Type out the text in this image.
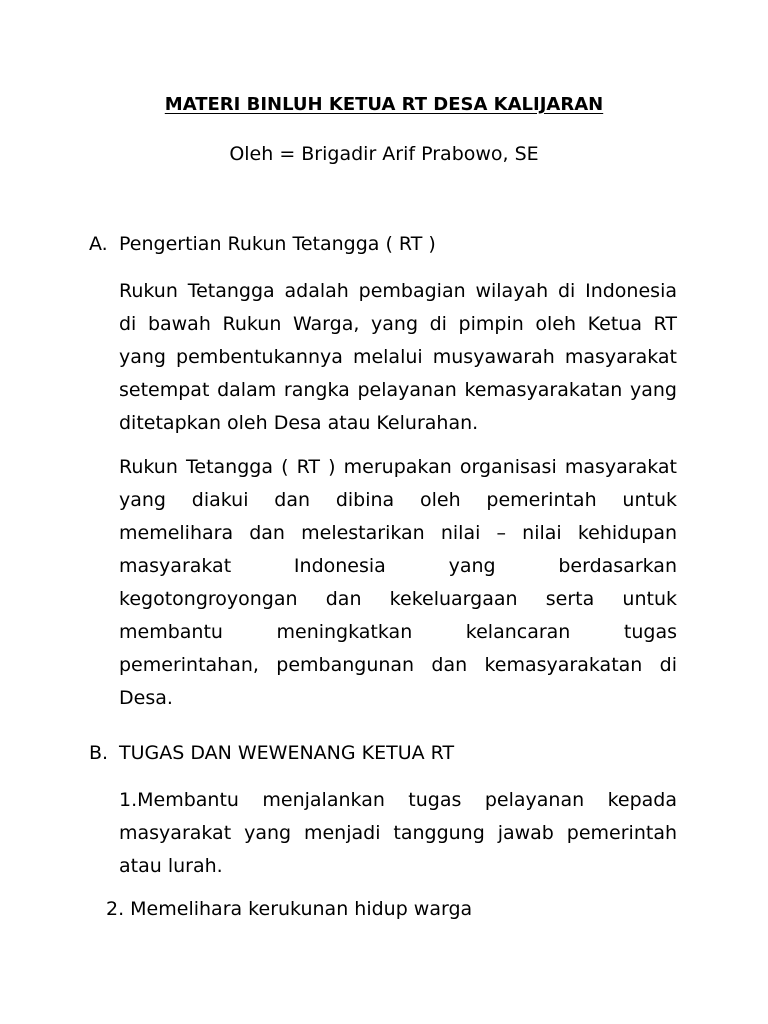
MATERI BINLUH KETUA RT DESA KALIJARAN
Oleh = Brigadir Arif Prabowo, SE
A. Pengertian Rukun Tetangga ( RT )
Rukun Tetangga adalah pembagian wilayah di Indonesia di bawah Rukun Warga, yang di pimpin oleh Ketua RT yang pembentukannya melalui musyawarah masyarakat setempat dalam rangka pelayanan kemasyarakatan yang ditetapkan oleh Desa atau Kelurahan.
Rukun Tetangga ( RT ) merupakan organisasi masyarakat yang diakui dan dibina oleh pemerintah untuk memelihara dan melestarikan nilai – nilai kehidupan masyarakat Indonesia yang berdasarkan kegotongroyongan dan kekeluargaan serta untuk membantu meningkatkan kelancaran tugas pemerintahan, pembangunan dan kemasyarakatan di Desa.
B. TUGAS DAN WEWENANG KETUA RT
1.Membantu menjalankan tugas pelayanan kepada masyarakat yang menjadi tanggung jawab pemerintah atau lurah.
2. Memelihara kerukunan hidup warga
